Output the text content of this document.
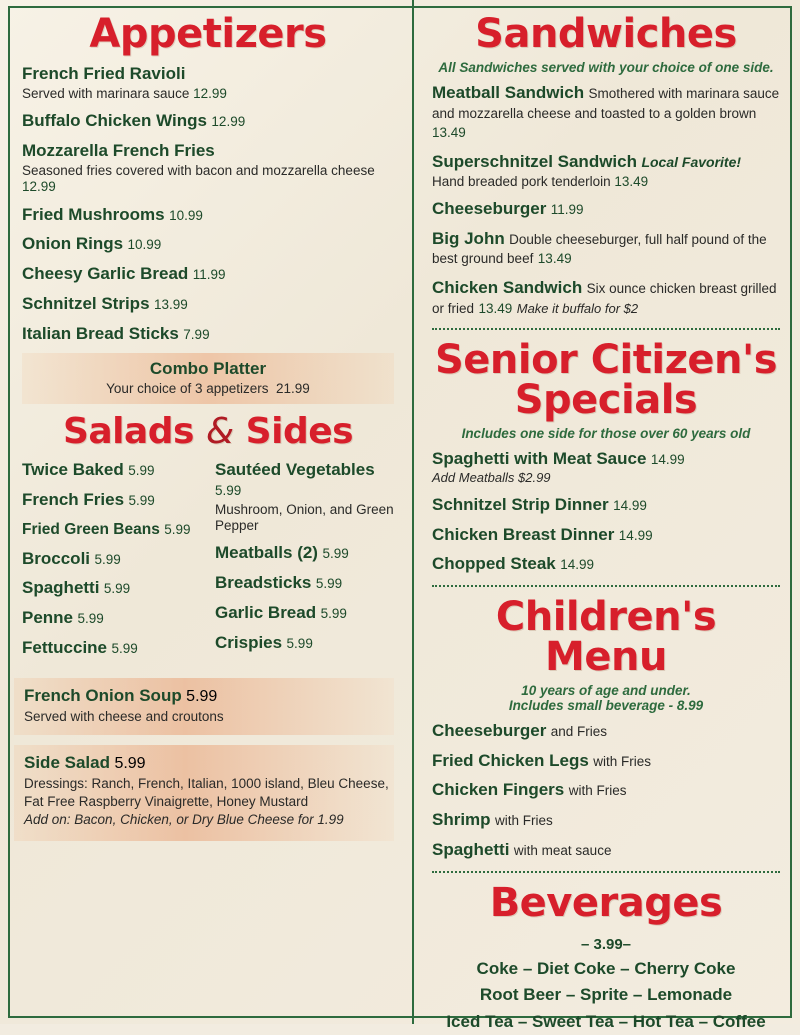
Appetizers
French Fried Ravioli
Served with marinara sauce 12.99
Buffalo Chicken Wings 12.99
Mozzarella French Fries
Seasoned fries covered with bacon and mozzarella cheese 12.99
Fried Mushrooms 10.99
Onion Rings 10.99
Cheesy Garlic Bread 11.99
Schnitzel Strips 13.99
Italian Bread Sticks 7.99
Combo Platter
Your choice of 3 appetizers 21.99
Salads & Sides
Twice Baked 5.99
French Fries 5.99
Fried Green Beans 5.99
Broccoli 5.99
Spaghetti 5.99
Penne 5.99
Fettuccine 5.99
Sautéed Vegetables 5.99
Mushroom, Onion, and Green Pepper
Meatballs (2) 5.99
Breadsticks 5.99
Garlic Bread 5.99
Crispies 5.99
French Onion Soup 5.99
Served with cheese and croutons
Side Salad 5.99
Dressings: Ranch, French, Italian, 1000 island, Bleu Cheese, Fat Free Raspberry Vinaigrette, Honey Mustard
Add on: Bacon, Chicken, or Dry Blue Cheese for 1.99
Sandwiches
All Sandwiches served with your choice of one side.
Meatball Sandwich Smothered with marinara sauce and mozzarella cheese and toasted to a golden brown 13.49
Superschnitzel Sandwich Local Favorite!
Hand breaded pork tenderloin 13.49
Cheeseburger 11.99
Big John Double cheeseburger, full half pound of the best ground beef 13.49
Chicken Sandwich Six ounce chicken breast grilled or fried 13.49 Make it buffalo for $2
Senior Citizen's
Specials
Includes one side for those over 60 years old
Spaghetti with Meat Sauce 14.99
Add Meatballs $2.99
Schnitzel Strip Dinner 14.99
Chicken Breast Dinner 14.99
Chopped Steak 14.99
Children's
Menu
10 years of age and under.
Includes small beverage - 8.99
Cheeseburger and Fries
Fried Chicken Legs with Fries
Chicken Fingers with Fries
Shrimp with Fries
Spaghetti with meat sauce
Beverages
– 3.99–
Coke – Diet Coke – Cherry Coke
Root Beer – Sprite – Lemonade
Iced Tea – Sweet Tea – Hot Tea – Coffee
